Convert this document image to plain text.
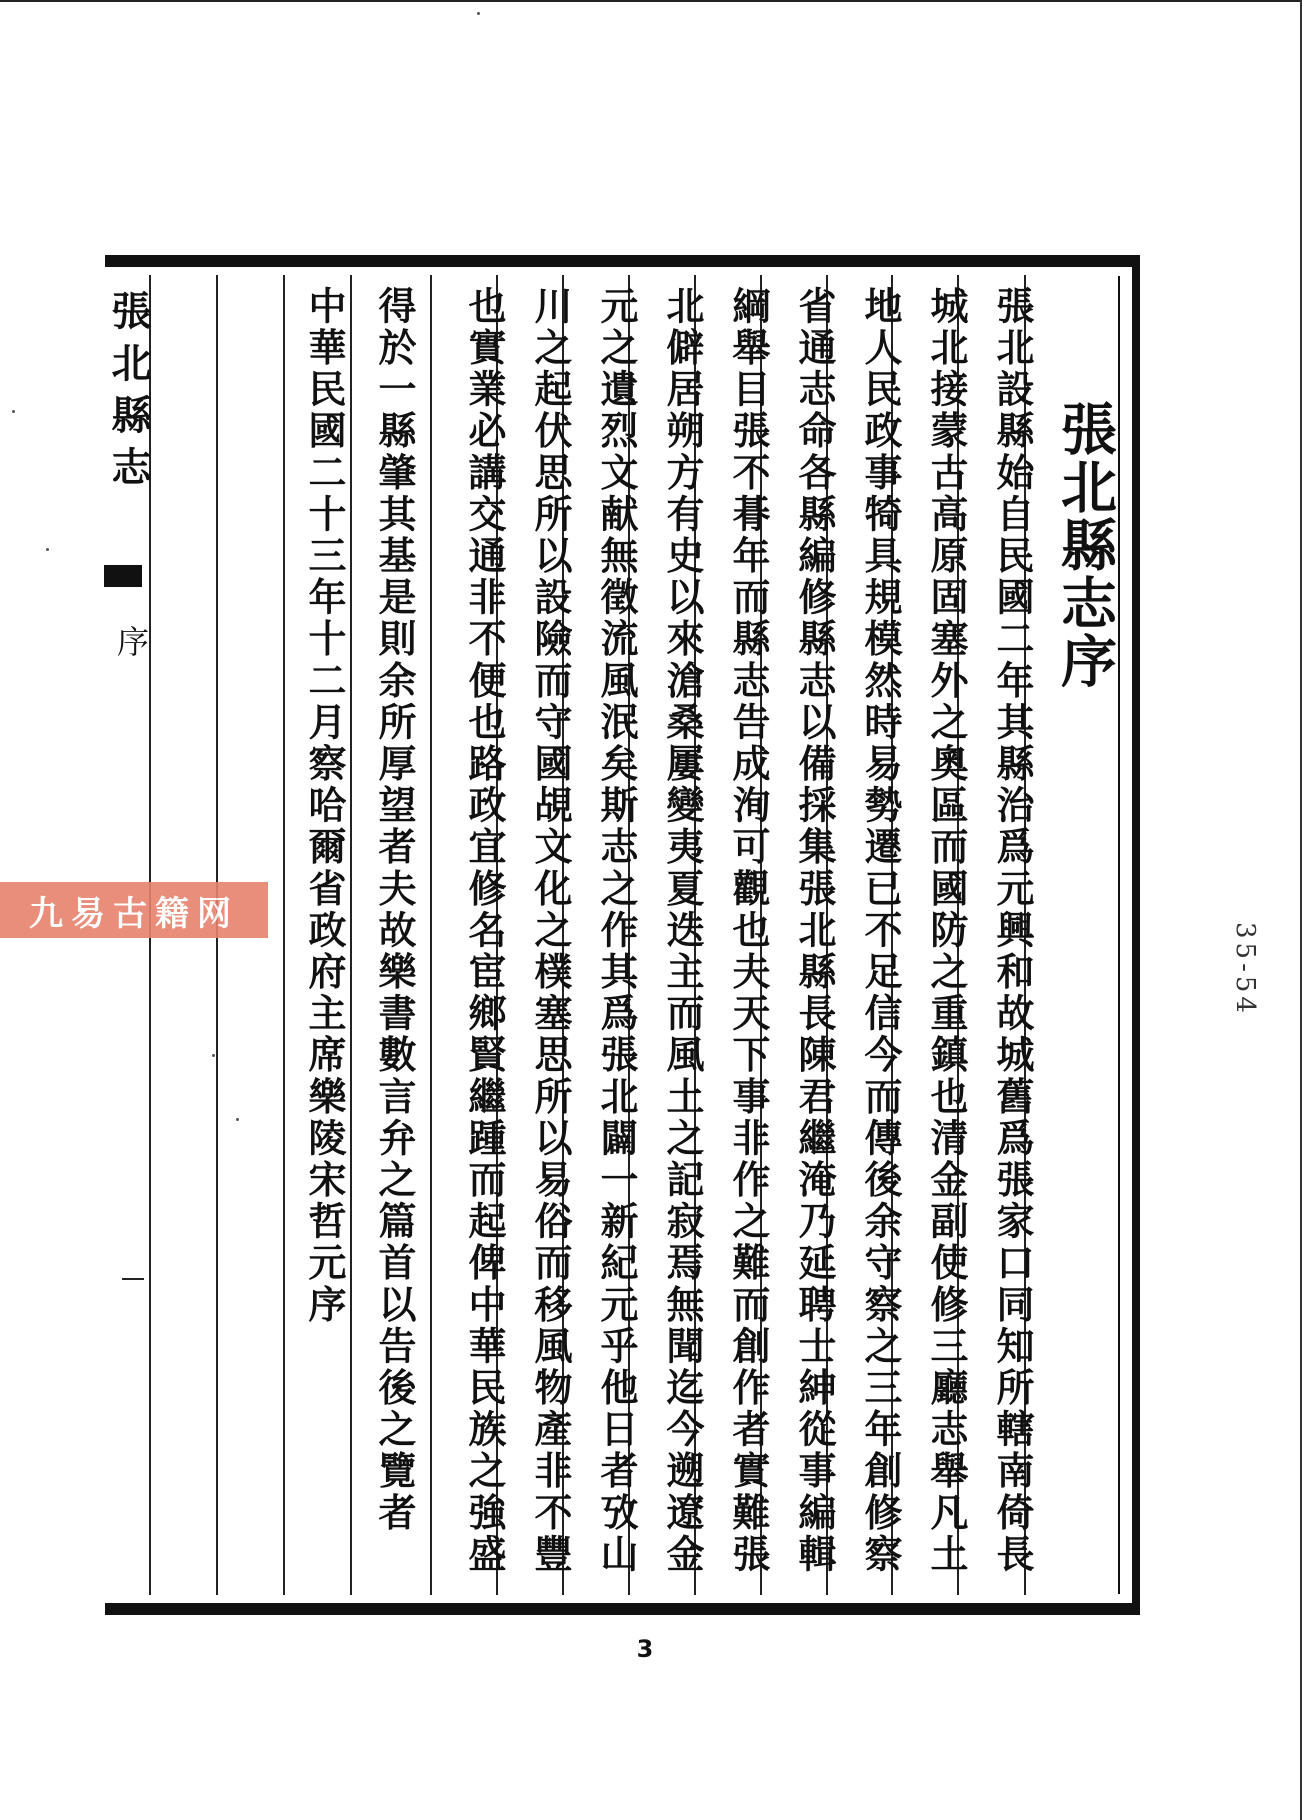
張北縣志序
張北設縣始自民國二年其縣治爲元興和故城舊爲張家口同知所轄南倚長
城北接蒙古高原固塞外之奧區而國防之重鎮也清金副使修三廳志舉凡土
地人民政事犄具規模然時易勢遷已不足信今而傳後余守察之三年創修察
省通志命各縣編修縣志以備採集張北縣長陳君繼淹乃延聘士紳從事編輯
綱舉目張不朞年而縣志告成洵可觀也夫天下事非作之難而創作者實難張
北僻居朔方有史以來滄桑屢變夷夏迭主而風土之記寂焉無聞迄今遡遼金
元之遺烈文献無徵流風泯矣斯志之作其爲張北闢一新紀元乎他日者攷山
川之起伏思所以設險而守國覘文化之樸塞思所以易俗而移風物產非不豐
也實業必講交通非不便也路政宜修名宦鄉賢繼踵而起俾中華民族之強盛
得於一縣肇其基是則余所厚望者夫故樂書數言弁之篇首以告後之覽者
中華民國二十三年十二月察哈爾省政府主席樂陵宋哲元序
張北縣志
序
3
35-54
九易古籍网
